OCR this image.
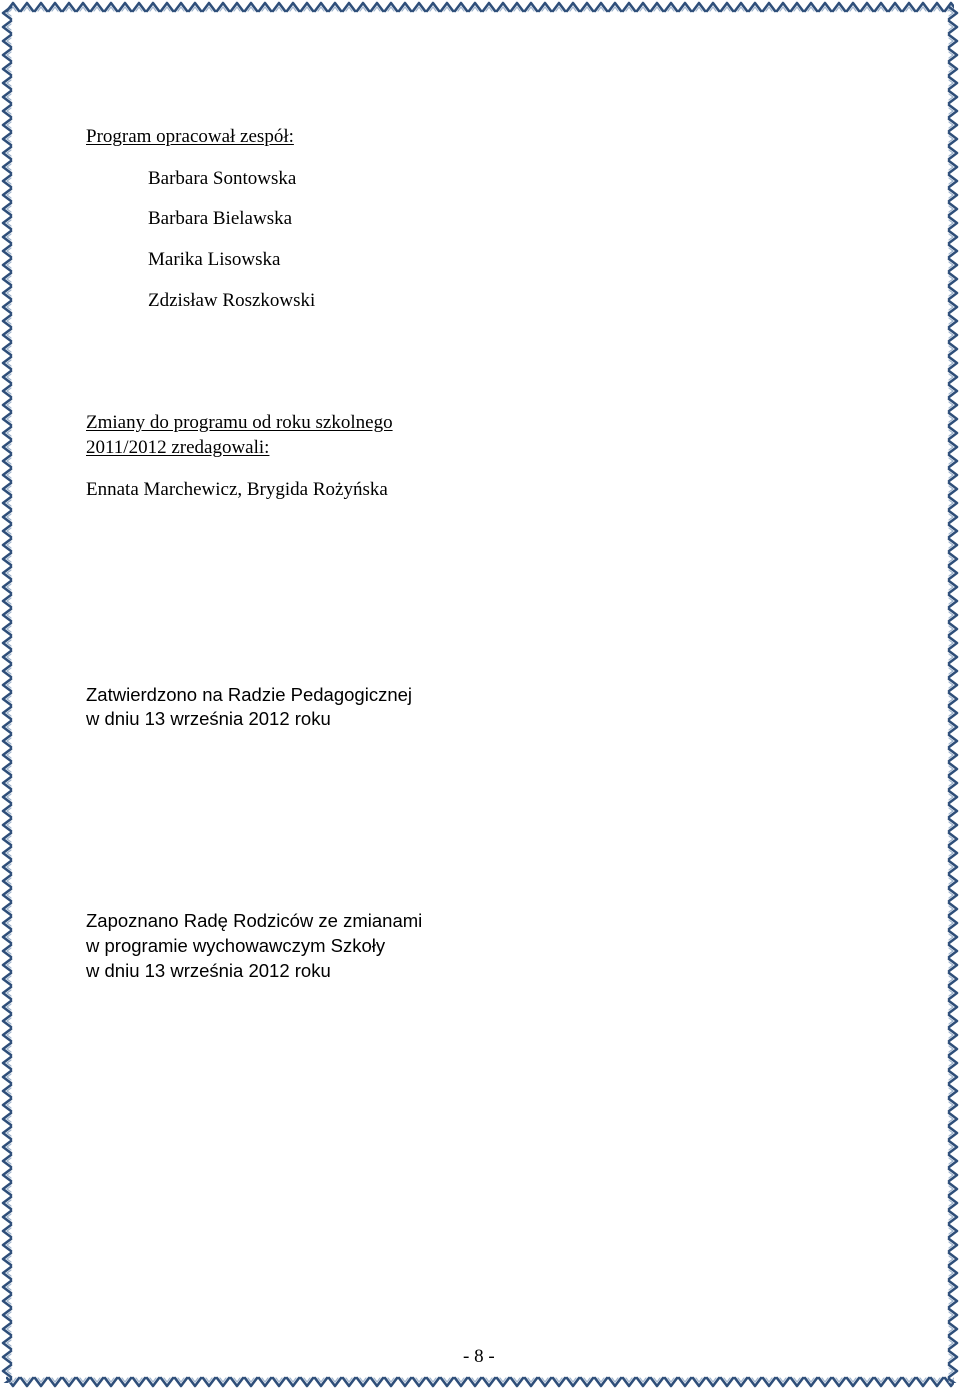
Program opracował zespół:
Barbara Sontowska
Barbara Bielawska
Marika Lisowska
Zdzisław Roszkowski
Zmiany do programu od roku szkolnego
2011/2012 zredagowali:
Ennata Marchewicz, Brygida Rożyńska
Zatwierdzono na Radzie Pedagogicznej
w dniu 13 września 2012 roku
Zapoznano Radę Rodziców ze zmianami
w programie wychowawczym Szkoły
w dniu 13 września 2012 roku
- 8 -
